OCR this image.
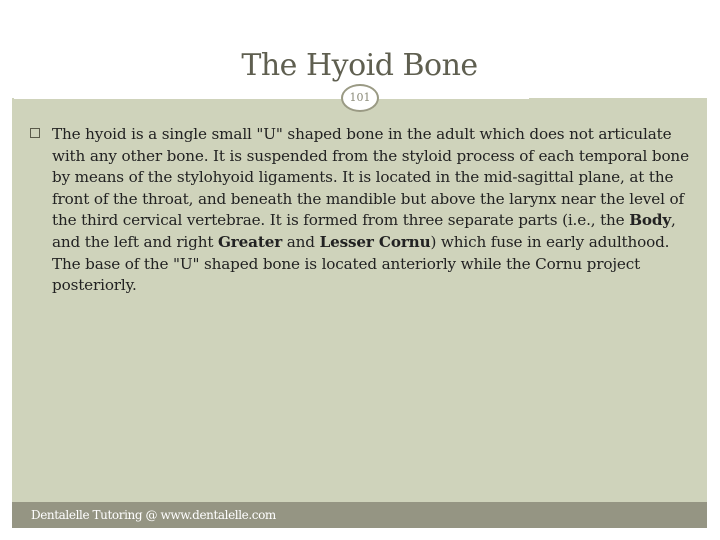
The Hyoid Bone
101
The hyoid is a single small "U" shaped bone in the adult which does not articulate with any other bone. It is suspended from the styloid process of each temporal bone by means of the stylohyoid ligaments. It is located in the mid-sagittal plane, at the front of the throat, and beneath the mandible but above the larynx near the level of the third cervical vertebrae. It is formed from three separate parts (i.e., the Body, and the left and right Greater and Lesser Cornu) which fuse in early adulthood. The base of the "U" shaped bone is located anteriorly while the Cornu project posteriorly.
Dentalelle Tutoring @ www.dentalelle.com
